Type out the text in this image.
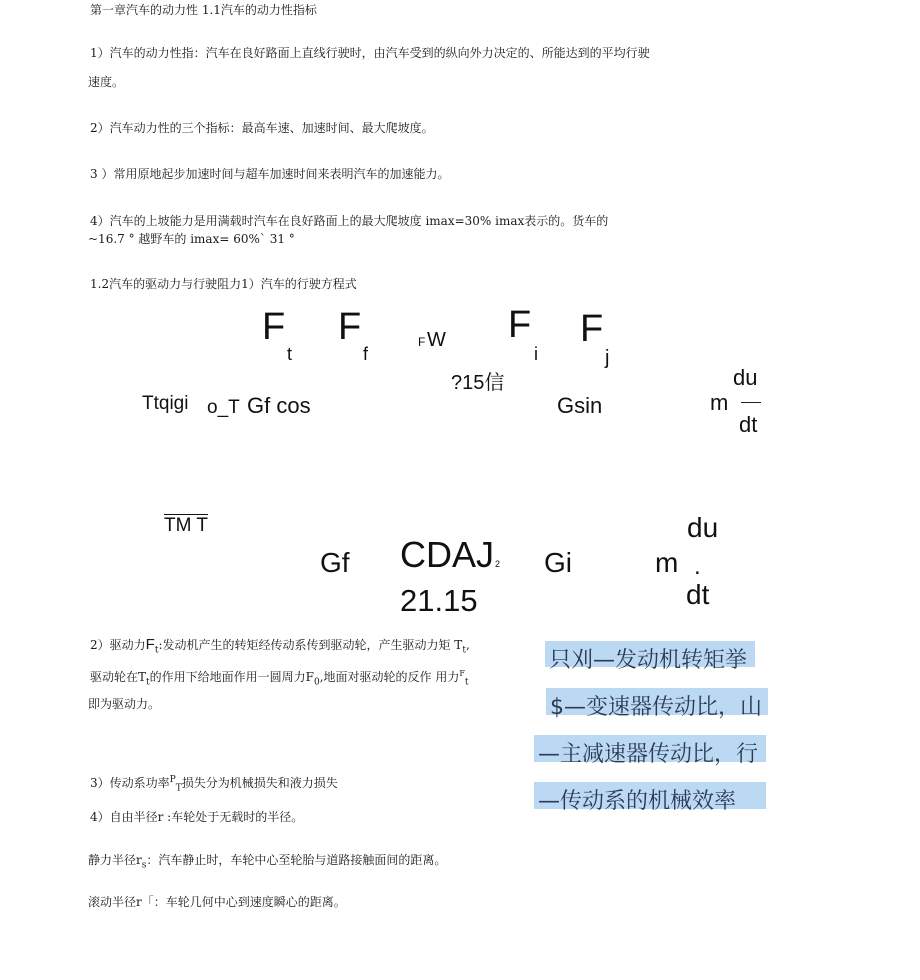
第一章汽车的动力性 1.1汽车的动力性指标
1）汽车的动力性指：汽车在良好路面上直线行驶时，由汽车受到的纵向外力决定的、所能达到的平均行驶
速度。
2）汽车动力性的三个指标：最高车速、加速时间、最大爬坡度。
3 ）常用原地起步加速时间与超车加速时间来表明汽车的加速能力。
4）汽车的上坡能力是用满载时汽车在良好路面上的最大爬坡度 imax=30% imax表示的。货车的
~16.7 ° 越野车的 imax= 60%` 31 °
1.2汽车的驱动力与行驶阻力1）汽车的行驶方程式
F
t
F
f
F W F
i
F
j
Ttqigi o_T Gf cos
?15信
Gsin	m
du
dt
TM T
Gf CDAJ 2
21.15
Gi	m .
du
dt
2）驱动力$F_t$:发动机产生的转矩经传动系传到驱动轮，产生驱动力矩 $T_t$,
驱动轮在$T_t$的作用下给地面作用一圆周力$F_0$,地面对驱动轮的反作 用力$^F_t$
即为驱动力。
只刈—发动机转矩挙
$—变速器传动比，山
—主减速器传动比，行
—传动系的机械效率
3）传动系功率$^P_T$损失分为机械损失和液力损失
4）自由半径r :车轮处于无载时的半径。
静力半径$r_s$：汽车静止时，车轮中心至轮胎与道路接触面间的距离。
滚动半径r「：车轮几何中心到速度瞬心的距离。
